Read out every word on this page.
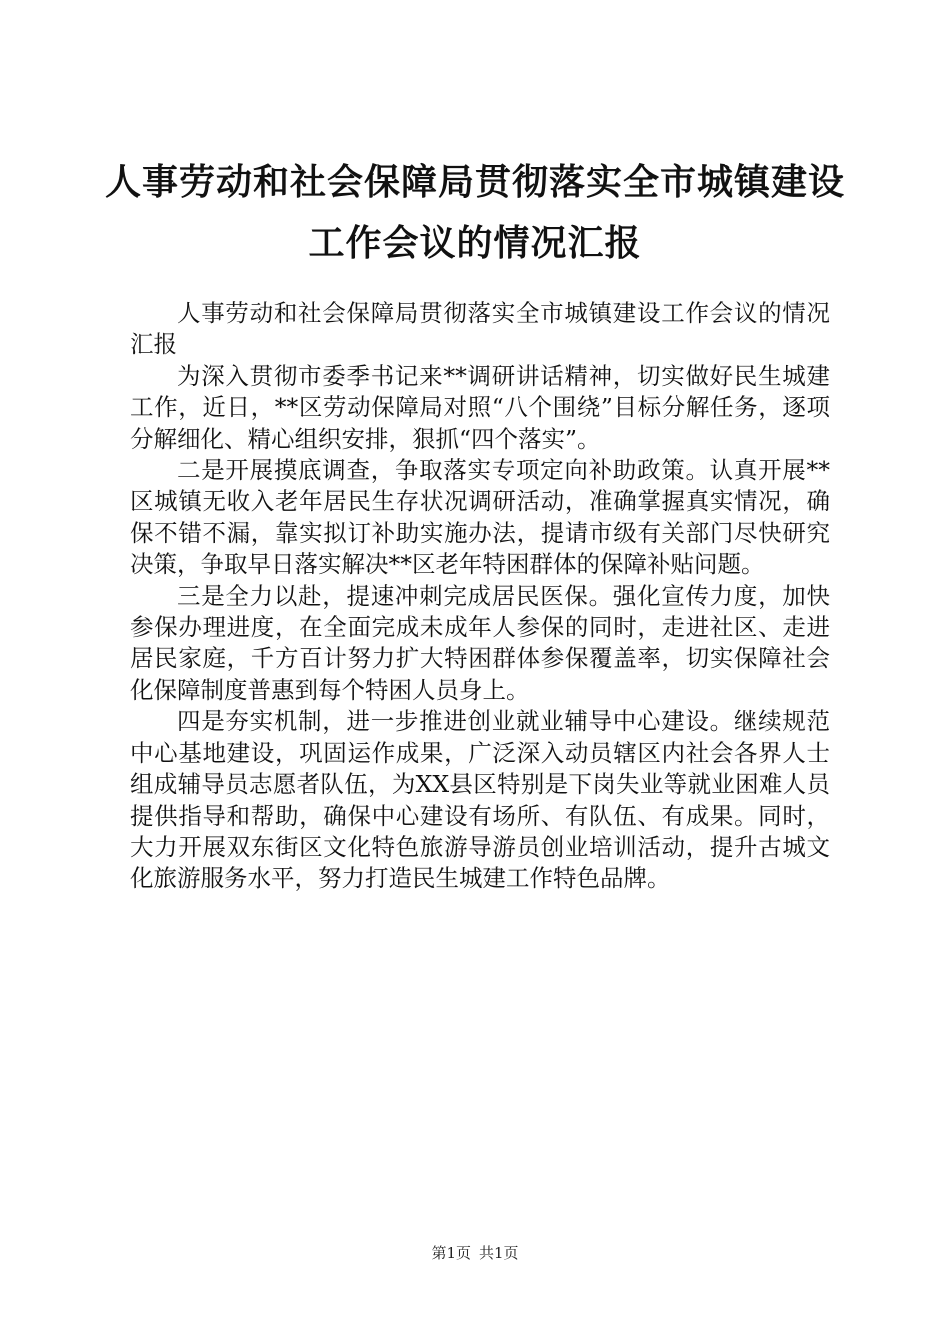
人事劳动和社会保障局贯彻落实全市城镇建设
工作会议的情况汇报

人事劳动和社会保障局贯彻落实全市城镇建设工作会议的情况汇报

为深入贯彻市委季书记来**调研讲话精神，切实做好民生城建工作，近日，**区劳动保障局对照“八个围绕”目标分解任务，逐项分解细化、精心组织安排，狠抓“四个落实”。

二是开展摸底调查，争取落实专项定向补助政策。认真开展**区城镇无收入老年居民生存状况调研活动，准确掌握真实情况，确保不错不漏，靠实拟订补助实施办法，提请市级有关部门尽快研究决策，争取早日落实解决**区老年特困群体的保障补贴问题。

三是全力以赴，提速冲刺完成居民医保。强化宣传力度，加快参保办理进度，在全面完成未成年人参保的同时，走进社区、走进居民家庭，千方百计努力扩大特困群体参保覆盖率，切实保障社会化保障制度普惠到每个特困人员身上。

四是夯实机制，进一步推进创业就业辅导中心建设。继续规范中心基地建设，巩固运作成果，广泛深入动员辖区内社会各界人士组成辅导员志愿者队伍，为XX县区特别是下岗失业等就业困难人员提供指导和帮助，确保中心建设有场所、有队伍、有成果。同时，大力开展双东街区文化特色旅游导游员创业培训活动，提升古城文化旅游服务水平，努力打造民生城建工作特色品牌。

第1页 共1页
